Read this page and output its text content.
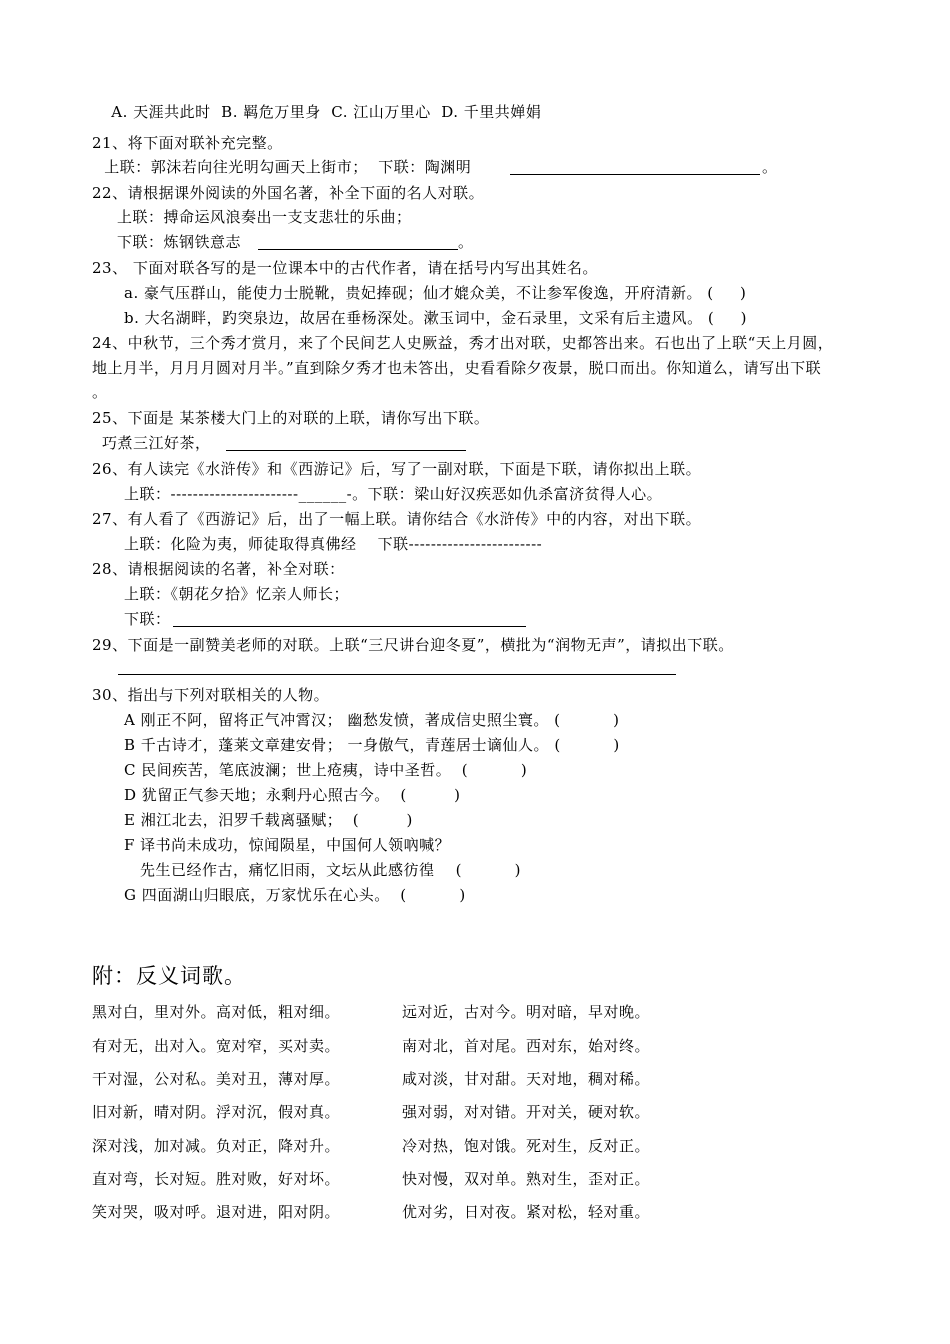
A. 天涯共此时  B. 羁危万里身  C. 江山万里心  D. 千里共婵娟
21、将下面对联补充完整。
上联：郭沫若向往光明勾画天上街市；  下联：陶渊明	。
22、请根据课外阅读的外国名著，补全下面的名人对联。
上联：搏命运风浪奏出一支支悲壮的乐曲；
下联：炼钢铁意志	。
23、 下面对联各写的是一位课本中的古代作者，请在括号内写出其姓名。
a. 豪气压群山，能使力士脱靴，贵妃捧砚；仙才媲众美，不让参军俊逸，开府清新。 (     )
b. 大名湖畔，趵突泉边，故居在垂杨深处。漱玉词中，金石录里，文采有后主遗风。 (     )
24、中秋节，三个秀才赏月，来了个民间艺人史厥益，秀才出对联，史都答出来。石也出了上联“天上月圆，
地上月半，月月月圆对月半。”直到除夕秀才也未答出，史看看除夕夜景，脱口而出。你知道么，请写出下联
。
25、下面是 某茶楼大门上的对联的上联，请你写出下联。
巧煮三江好茶，
26、有人读完《水浒传》和《西游记》后，写了一副对联，下面是下联，请你拟出上联。
上联：-----------------------______-。下联：梁山好汉疾恶如仇杀富济贫得人心。
27、有人看了《西游记》后，出了一幅上联。请你结合《水浒传》中的内容，对出下联。
上联：化险为夷，师徒取得真佛经    下联------------------------
28、请根据阅读的名著，补全对联：
上联：《朝花夕拾》忆亲人师长；
下联：
29、下面是一副赞美老师的对联。上联“三尺讲台迎冬夏”，横批为“润物无声”，请拟出下联。
30、指出与下列对联相关的人物。
A 刚正不阿，留将正气冲霄汉； 幽愁发愤，著成信史照尘寰。 (          )
B 千古诗才，蓬莱文章建安骨； 一身傲气，青莲居士谪仙人。 (          )
C 民间疾苦，笔底波澜；世上疮痍，诗中圣哲。  (          )
D 犹留正气参天地；永剩丹心照古今。  (         )
E 湘江北去，汨罗千载离骚赋；  (         )
F 译书尚未成功，惊闻陨星，中国何人领吶喊？
先生已经作古，痛忆旧雨，文坛从此感彷徨    (          )
G 四面湖山归眼底，万家忧乐在心头。  (          )
附：反义词歌。
黑对白，里对外。高对低，粗对细。	远对近，古对今。明对暗，早对晚。
有对无，出对入。宽对窄，买对卖。	南对北，首对尾。西对东，始对终。
干对湿，公对私。美对丑，薄对厚。	咸对淡，甘对甜。天对地，稠对稀。
旧对新，晴对阴。浮对沉，假对真。	强对弱，对对错。开对关，硬对软。
深对浅，加对减。负对正，降对升。	冷对热，饱对饿。死对生，反对正。
直对弯，长对短。胜对败，好对坏。	快对慢，双对单。熟对生，歪对正。
笑对哭，吸对呼。退对进，阳对阴。	优对劣，日对夜。紧对松，轻对重。
